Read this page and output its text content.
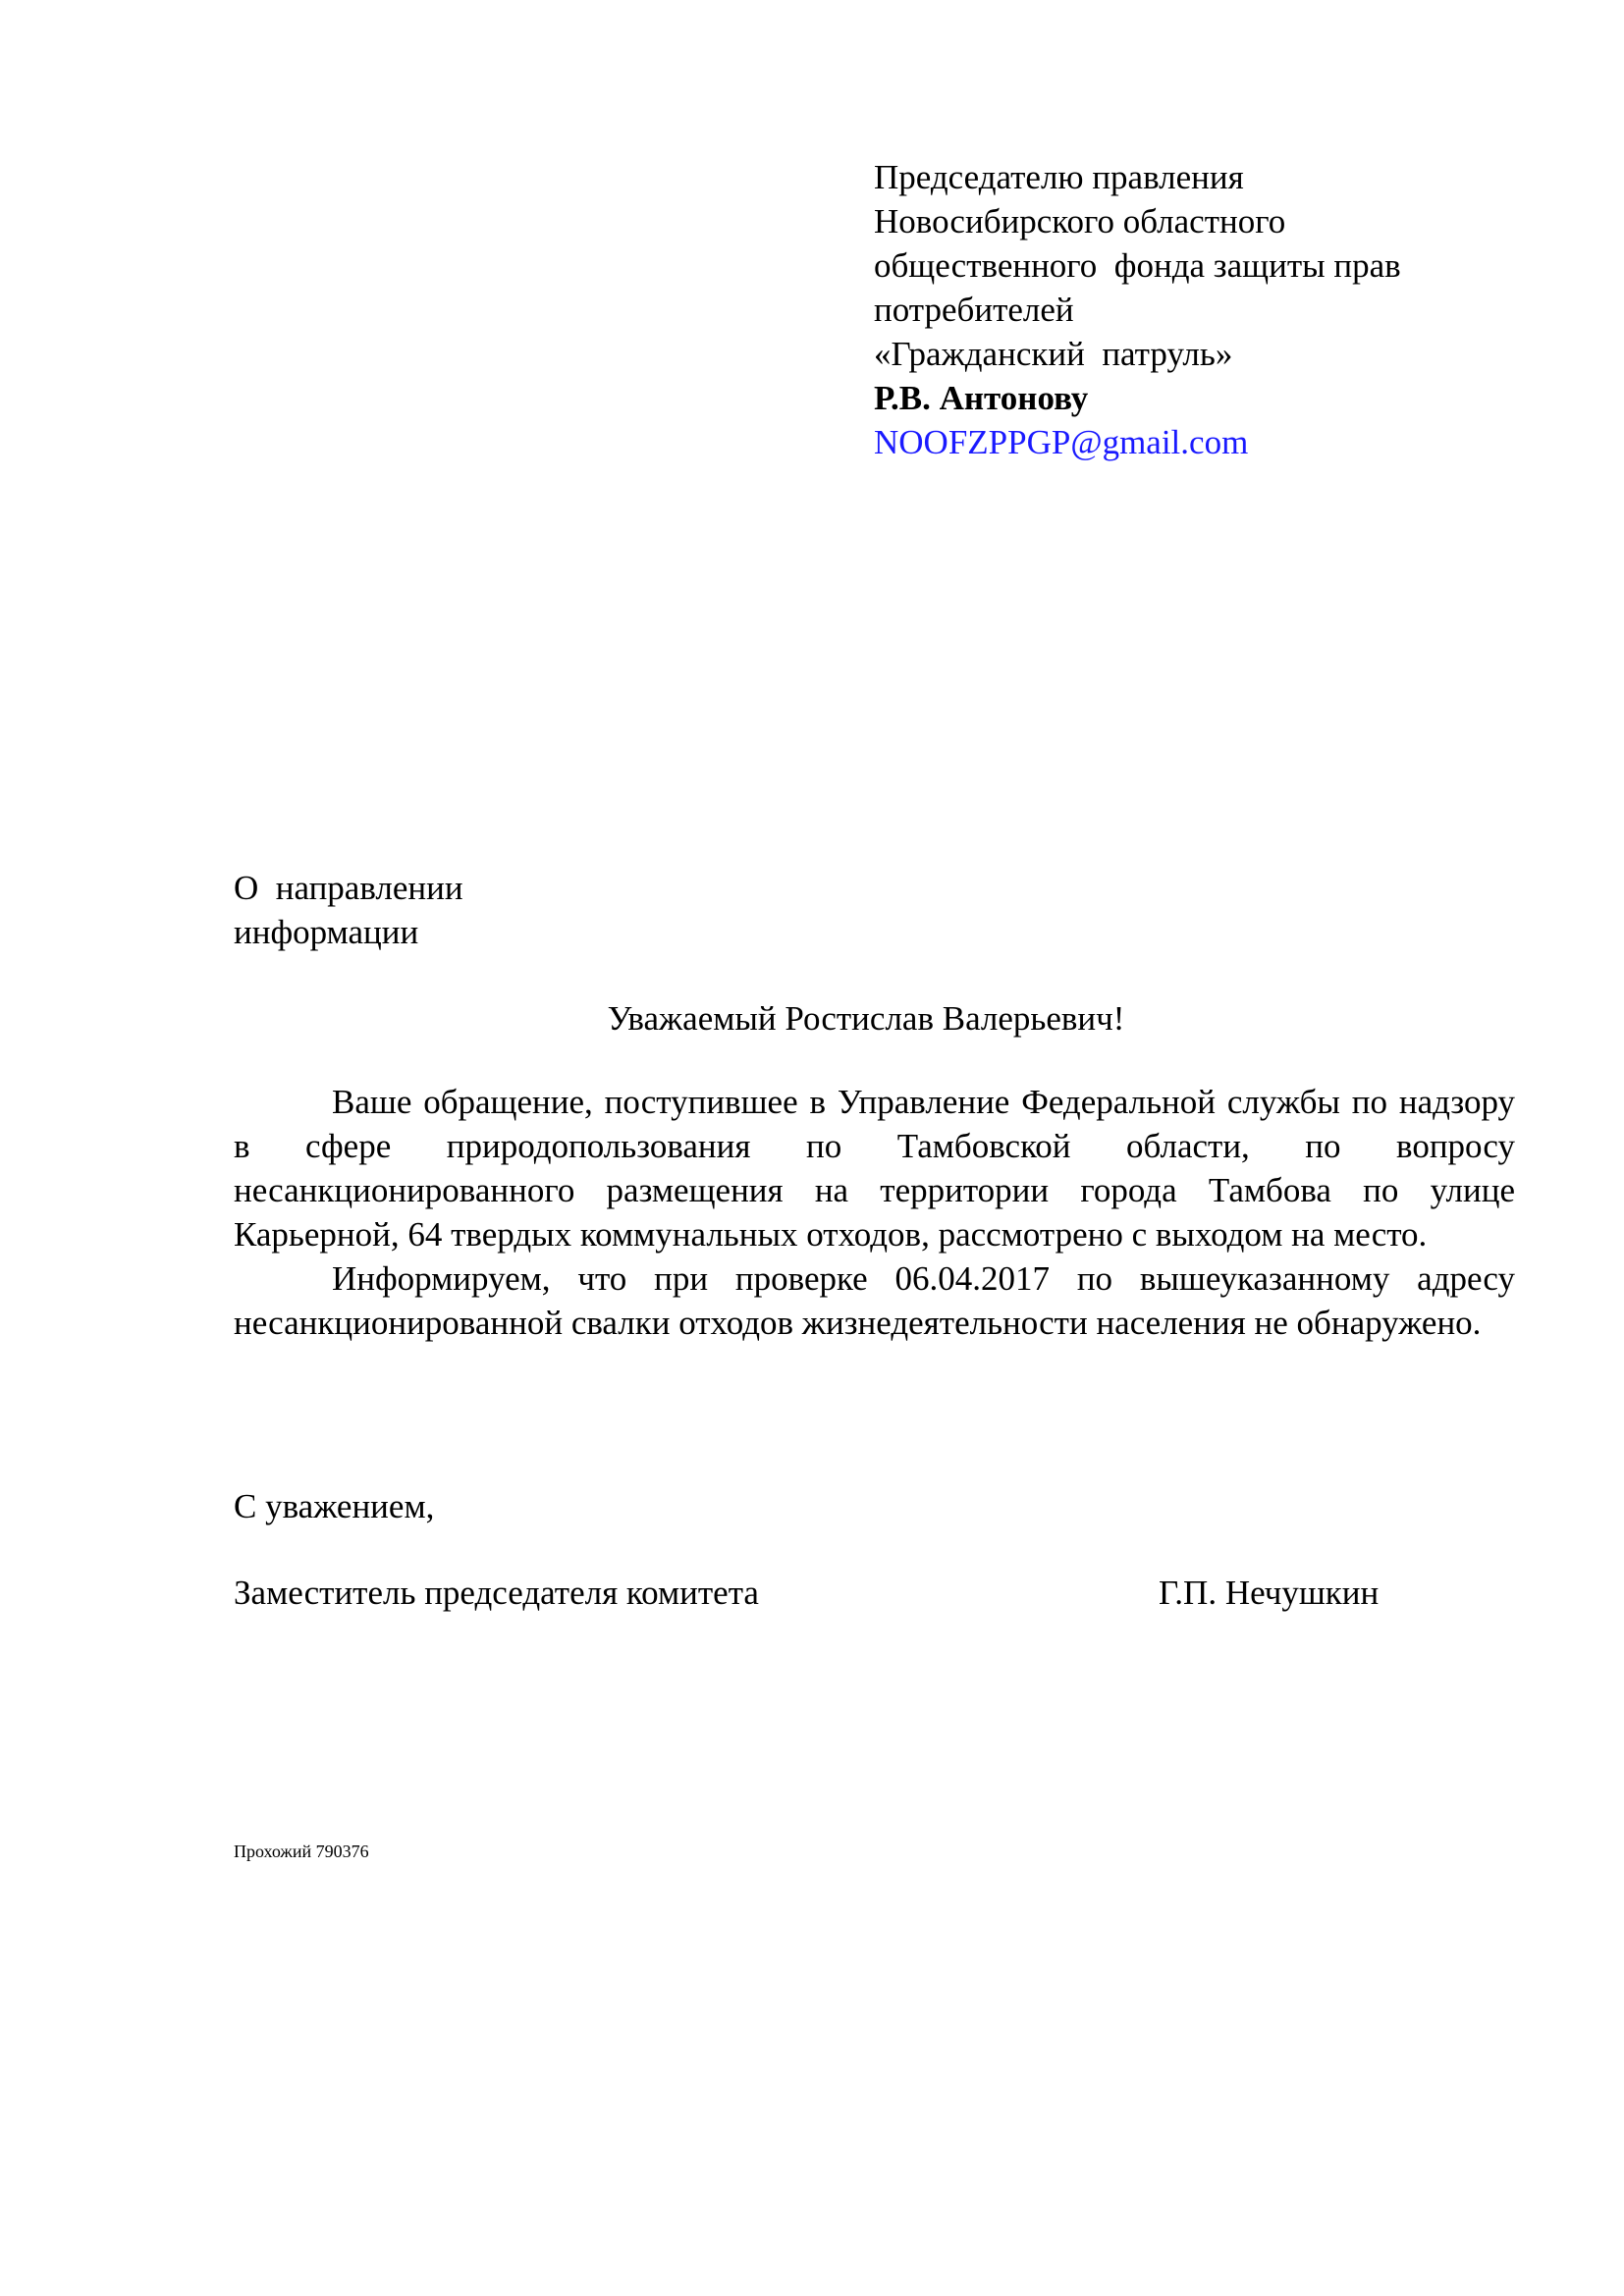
Председателю правления
Новосибирского областного
общественного  фонда защиты прав
потребителей
«Гражданский  патруль»
Р.В. Антонову
NOOFZPPGP@gmail.com
О  направлении
информации
Уважаемый Ростислав Валерьевич!

Ваше обращение, поступившее в Управление Федеральной службы по надзору в сфере природопользования по Тамбовской области, по вопросу несанкционированного размещения на территории города Тамбова по улице Карьерной, 64 твердых коммунальных отходов, рассмотрено с выходом на место.

Информируем, что при проверке 06.04.2017 по вышеуказанному адресу несанкционированной свалки отходов жизнедеятельности населения не обнаружено.

С уважением,
Заместитель председателя комитета	Г.П. Нечушкин
Прохожий 790376
